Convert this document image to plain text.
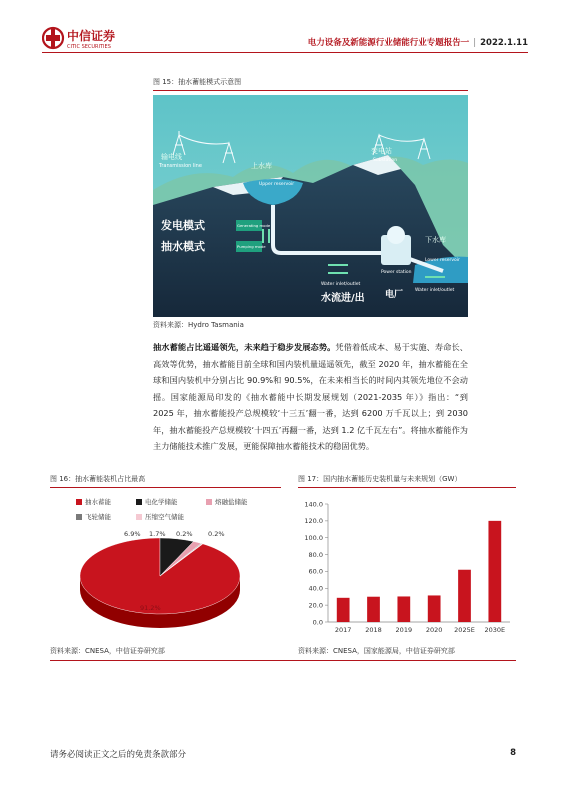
中信证券
CITIC SECURITIES	电力设备及新能源行业储能行业专题报告一 | 2022.1.11
图 15：抽水蓄能模式示意图
Transmission line
输电线
上水库
Upper reservoir
变电站
Substation
下水库
Lower reservoir
发电模式	Generating mode
抽水模式	Pumping mode
Water inlet/outlet
Power station
电厂
水流进/出
Water inlet/outlet
资料来源：Hydro Tasmania
抽水蓄能占比遥遥领先，未来趋于稳步发展态势。凭借着低成本、易于实施、寿命长、高效等优势，抽水蓄能目前全球和国内装机量遥遥领先，截至 2020 年，抽水蓄能在全球和国内装机中分别占比 90.9%和 90.5%，在未来相当长的时间内其领先地位不会动摇。国家能源局印发的《抽水蓄能中长期发展规划（2021-2035 年）》指出：“到 2025 年，抽水蓄能投产总规模较‘十三五’翻一番，达到 6200 万千瓦以上；到 2030 年，抽水蓄能投产总规模较‘十四五’再翻一番，达到 1.2 亿千瓦左右”。将抽水蓄能作为主力储能技术推广发展，更能保障抽水蓄能技术的稳固优势。
图 16：抽水蓄能装机占比最高
抽水蓄能	电化学储能	熔融盐储能
飞轮储能	压缩空气储能
91.2%
6.9% 1.7% 0.2% 0.2%
资料来源：CNESA，中信证券研究部
图 17：国内抽水蓄能历史装机量与未来规划（GW）
0.0
20.0
40.0
60.0
80.0
100.0
120.0
140.0
2017 2018 2019 2020 2025E 2030E
资料来源：CNESA，国家能源局，中信证券研究部
请务必阅读正文之后的免责条款部分	8
